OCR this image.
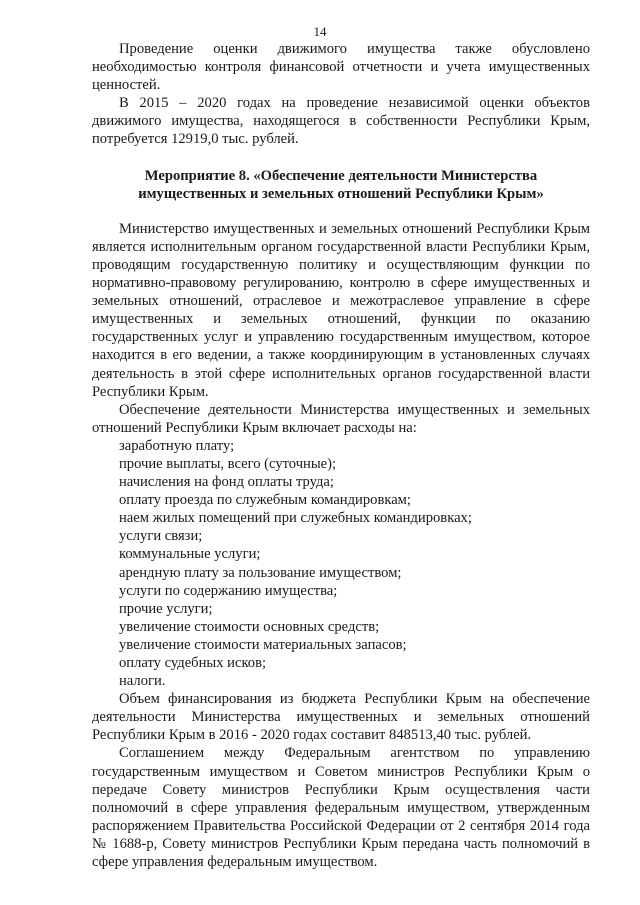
14

Проведение оценки движимого имущества также обусловлено необходимостью контроля финансовой отчетности и учета имущественных ценностей.

В 2015 – 2020 годах на проведение независимой оценки объектов движимого имущества, находящегося в собственности Республики Крым, потребуется 12919,0 тыс. рублей.

Мероприятие 8. «Обеспечение деятельности Министерства имущественных и земельных отношений Республики Крым»

Министерство имущественных и земельных отношений Республики Крым является исполнительным органом государственной власти Республики Крым, проводящим государственную политику и осуществляющим функции по нормативно-правовому регулированию, контролю в сфере имущественных и земельных отношений, отраслевое и межотраслевое управление в сфере имущественных и земельных отношений, функции по оказанию государственных услуг и управлению государственным имуществом, которое находится в его ведении, а также координирующим в установленных случаях деятельность в этой сфере исполнительных органов государственной власти Республики Крым.

Обеспечение деятельности Министерства имущественных и земельных отношений Республики Крым включает расходы на:

заработную плату;
прочие выплаты, всего (суточные);
начисления на фонд оплаты труда;
оплату проезда по служебным командировкам;
наем жилых помещений при служебных командировках;
услуги связи;
коммунальные услуги;
арендную плату за пользование имуществом;
услуги по содержанию имущества;
прочие услуги;
увеличение стоимости основных средств;
увеличение стоимости материальных запасов;
оплату судебных исков;
налоги.

Объем финансирования из бюджета Республики Крым на обеспечение деятельности Министерства имущественных и земельных отношений Республики Крым в 2016 - 2020 годах составит 848513,40 тыс. рублей.

Соглашением между Федеральным агентством по управлению государственным имуществом и Советом министров Республики Крым о передаче Совету министров Республики Крым осуществления части полномочий в сфере управления федеральным имуществом, утвержденным распоряжением Правительства Российской Федерации от 2 сентября 2014 года № 1688-р, Совету министров Республики Крым передана часть полномочий в сфере управления федеральным имуществом.
